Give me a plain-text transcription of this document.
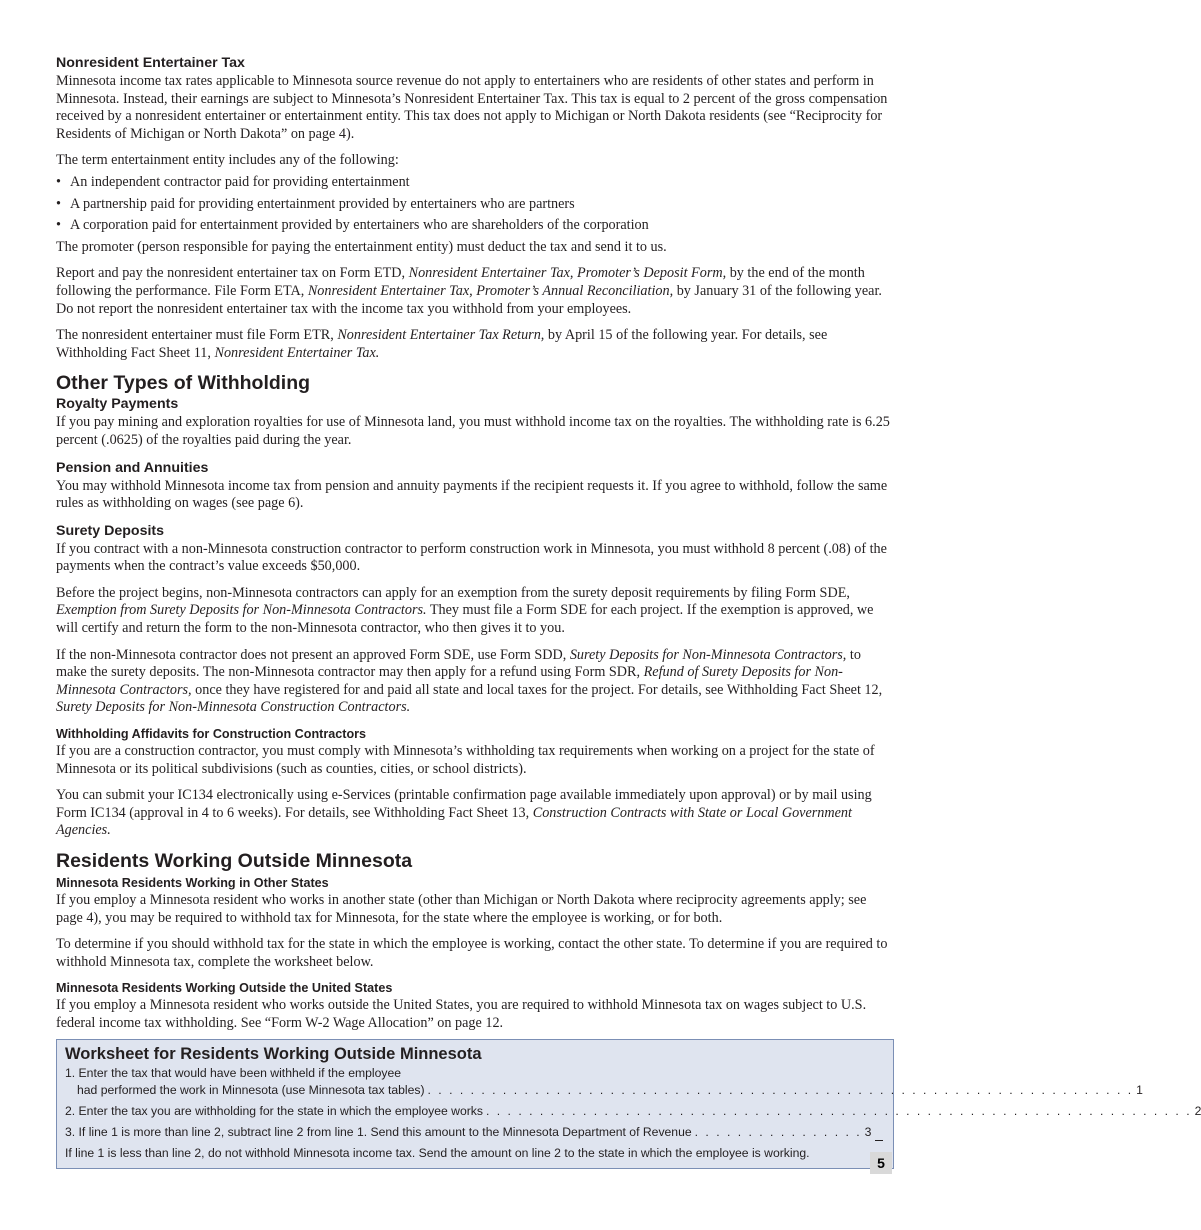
Nonresident Entertainer Tax

Minnesota income tax rates applicable to Minnesota source revenue do not apply to entertainers who are residents of other states and perform in Minnesota. Instead, their earnings are subject to Minnesota’s Nonresident Entertainer Tax. This tax is equal to 2 percent of the gross compensation received by a nonresident entertainer or entertainment entity. This tax does not apply to Michigan or North Dakota residents (see “Reciprocity for Residents of Michigan or North Dakota” on page 4).

The term entertainment entity includes any of the following:

• An independent contractor paid for providing entertainment

• A partnership paid for providing entertainment provided by entertainers who are partners

• A corporation paid for entertainment provided by entertainers who are shareholders of the corporation

The promoter (person responsible for paying the entertainment entity) must deduct the tax and send it to us.

Report and pay the nonresident entertainer tax on Form ETD, Nonresident Entertainer Tax, Promoter’s Deposit Form, by the end of the month following the performance. File Form ETA, Nonresident Entertainer Tax, Promoter’s Annual Reconciliation, by January 31 of the following year. Do not report the nonresident entertainer tax with the income tax you withhold from your employees.

The nonresident entertainer must file Form ETR, Nonresident Entertainer Tax Return, by April 15 of the following year. For details, see Withholding Fact Sheet 11, Nonresident Entertainer Tax.

Other Types of Withholding
Royalty Payments

If you pay mining and exploration royalties for use of Minnesota land, you must withhold income tax on the royalties. The withholding rate is 6.25 percent (.0625) of the royalties paid during the year.

Pension and Annuities

You may withhold Minnesota income tax from pension and annuity payments if the recipient requests it. If you agree to withhold, follow the same rules as withholding on wages (see page 6).

Surety Deposits

If you contract with a non-Minnesota construction contractor to perform construction work in Minnesota, you must withhold 8 percent (.08) of the payments when the contract’s value exceeds $50,000.

Before the project begins, non-Minnesota contractors can apply for an exemption from the surety deposit requirements by filing Form SDE, Exemption from Surety Deposits for Non-Minnesota Contractors. They must file a Form SDE for each project. If the exemption is approved, we will certify and return the form to the non-Minnesota contractor, who then gives it to you.

If the non-Minnesota contractor does not present an approved Form SDE, use Form SDD, Surety Deposits for Non-Minnesota Contractors, to make the surety deposits. The non-Minnesota contractor may then apply for a refund using Form SDR, Refund of Surety Deposits for Non-Minnesota Contractors, once they have registered for and paid all state and local taxes for the project. For details, see Withholding Fact Sheet 12, Surety Deposits for Non-Minnesota Construction Contractors.

Withholding Affidavits for Construction Contractors

If you are a construction contractor, you must comply with Minnesota’s withholding tax requirements when working on a project for the state of Minnesota or its political subdivisions (such as counties, cities, or school districts).

You can submit your IC134 electronically using e-Services (printable confirmation page available immediately upon approval) or by mail using Form IC134 (approval in 4 to 6 weeks). For details, see Withholding Fact Sheet 13, Construction Contracts with State or Local Government Agencies.

Residents Working Outside Minnesota
Minnesota Residents Working in Other States

If you employ a Minnesota resident who works in another state (other than Michigan or North Dakota where reciprocity agreements apply; see page 4), you may be required to withhold tax for Minnesota, for the state where the employee is working, or for both.

To determine if you should withhold tax for the state in which the employee is working, contact the other state. To determine if you are required to withhold Minnesota tax, complete the worksheet below.

Minnesota Residents Working Outside the United States

If you employ a Minnesota resident who works outside the United States, you are required to withhold Minnesota tax on wages subject to U.S. federal income tax withholding. See “Form W-2 Wage Allocation” on page 12.

Worksheet for Residents Working Outside Minnesota
1. Enter the tax that would have been withheld if the employee
had performed the work in Minnesota (use Minnesota tax tables) . . . . . . . . . . . . . . . . . . . . . . . . . . . . . . . . . . . . . . . . . . . . . . . . . . . . . . . . . . . . . . . . . . 1
2. Enter the tax you are withholding for the state in which the employee works . . . . . . . . . . . . . . . . . . . . . . . . . . . . . . . . . . . . . . . . . . . . . . . . . . . . . . . . . . . . . . . . . . 2
3. If line 1 is more than line 2, subtract line 2 from line 1. Send this amount to the Minnesota Department of Revenue . . . . . . . . . . . . . . . . 3
If line 1 is less than line 2, do not withhold Minnesota income tax. Send the amount on line 2 to the state in which the employee is working.
5
